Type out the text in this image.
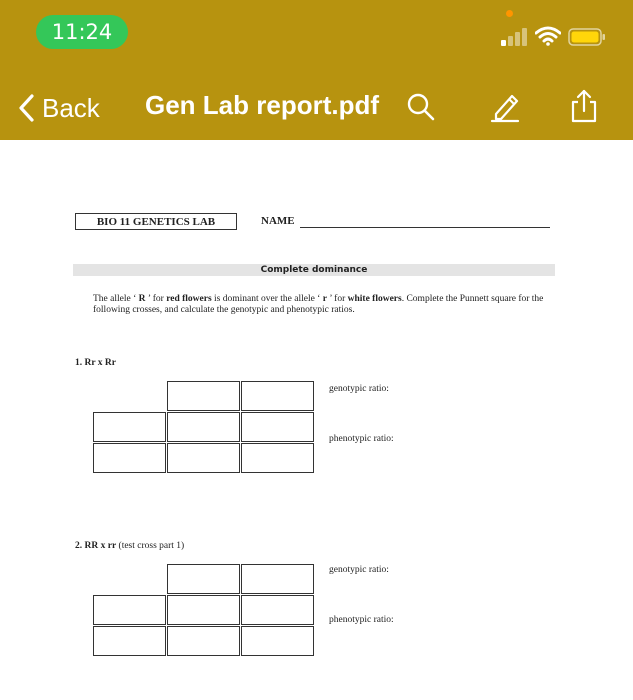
11:24
Back Gen Lab report.pdf
BIO 11 GENETICS LAB	NAME
Complete dominance
The allele ‘ R ’ for red flowers is dominant over the allele ‘ r ’ for white flowers. Complete the Punnett square for the following crosses, and calculate the genotypic and phenotypic ratios.
1. Rr x Rr
genotypic ratio:
phenotypic ratio:
2. RR x rr (test cross part 1)
genotypic ratio:
phenotypic ratio:
